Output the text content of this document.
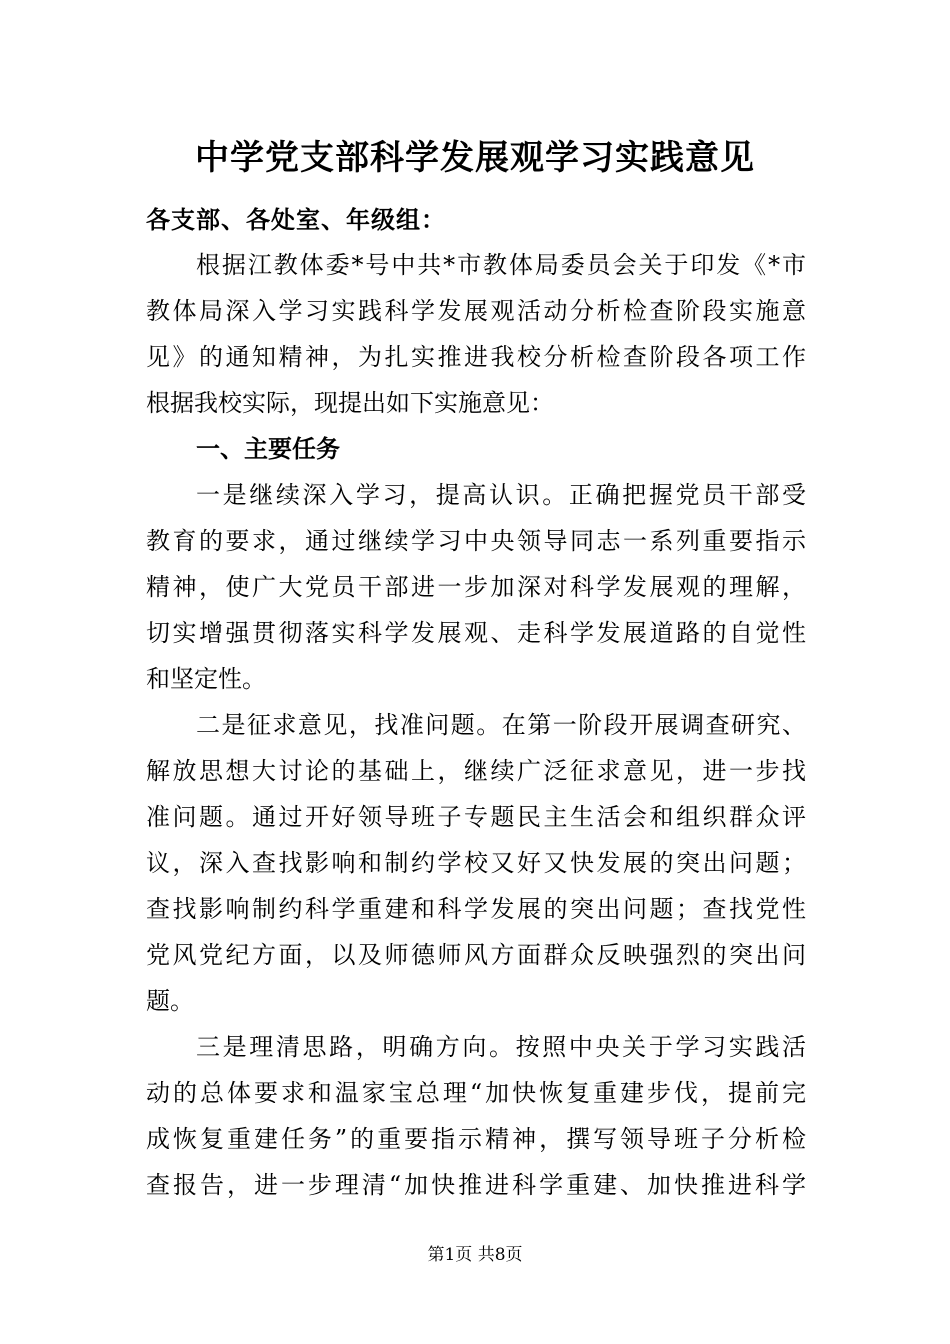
中学党支部科学发展观学习实践意见

各支部、各处室、年级组：

根据江教体委*号中共*市教体局委员会关于印发《*市

教体局深入学习实践科学发展观活动分析检查阶段实施意

见》的通知精神，为扎实推进我校分析检查阶段各项工作

根据我校实际，现提出如下实施意见：

一、主要任务

一是继续深入学习，提高认识。正确把握党员干部受

教育的要求，通过继续学习中央领导同志一系列重要指示

精神，使广大党员干部进一步加深对科学发展观的理解，

切实增强贯彻落实科学发展观、走科学发展道路的自觉性

和坚定性。

二是征求意见，找准问题。在第一阶段开展调查研究、

解放思想大讨论的基础上，继续广泛征求意见，进一步找

准问题。通过开好领导班子专题民主生活会和组织群众评

议，深入查找影响和制约学校又好又快发展的突出问题；

查找影响制约科学重建和科学发展的突出问题；查找党性

党风党纪方面，以及师德师风方面群众反映强烈的突出问

题。

三是理清思路，明确方向。按照中央关于学习实践活

动的总体要求和温家宝总理“加快恢复重建步伐，提前完

成恢复重建任务”的重要指示精神，撰写领导班子分析检

查报告，进一步理清“加快推进科学重建、加快推进科学

第1页 共8页
